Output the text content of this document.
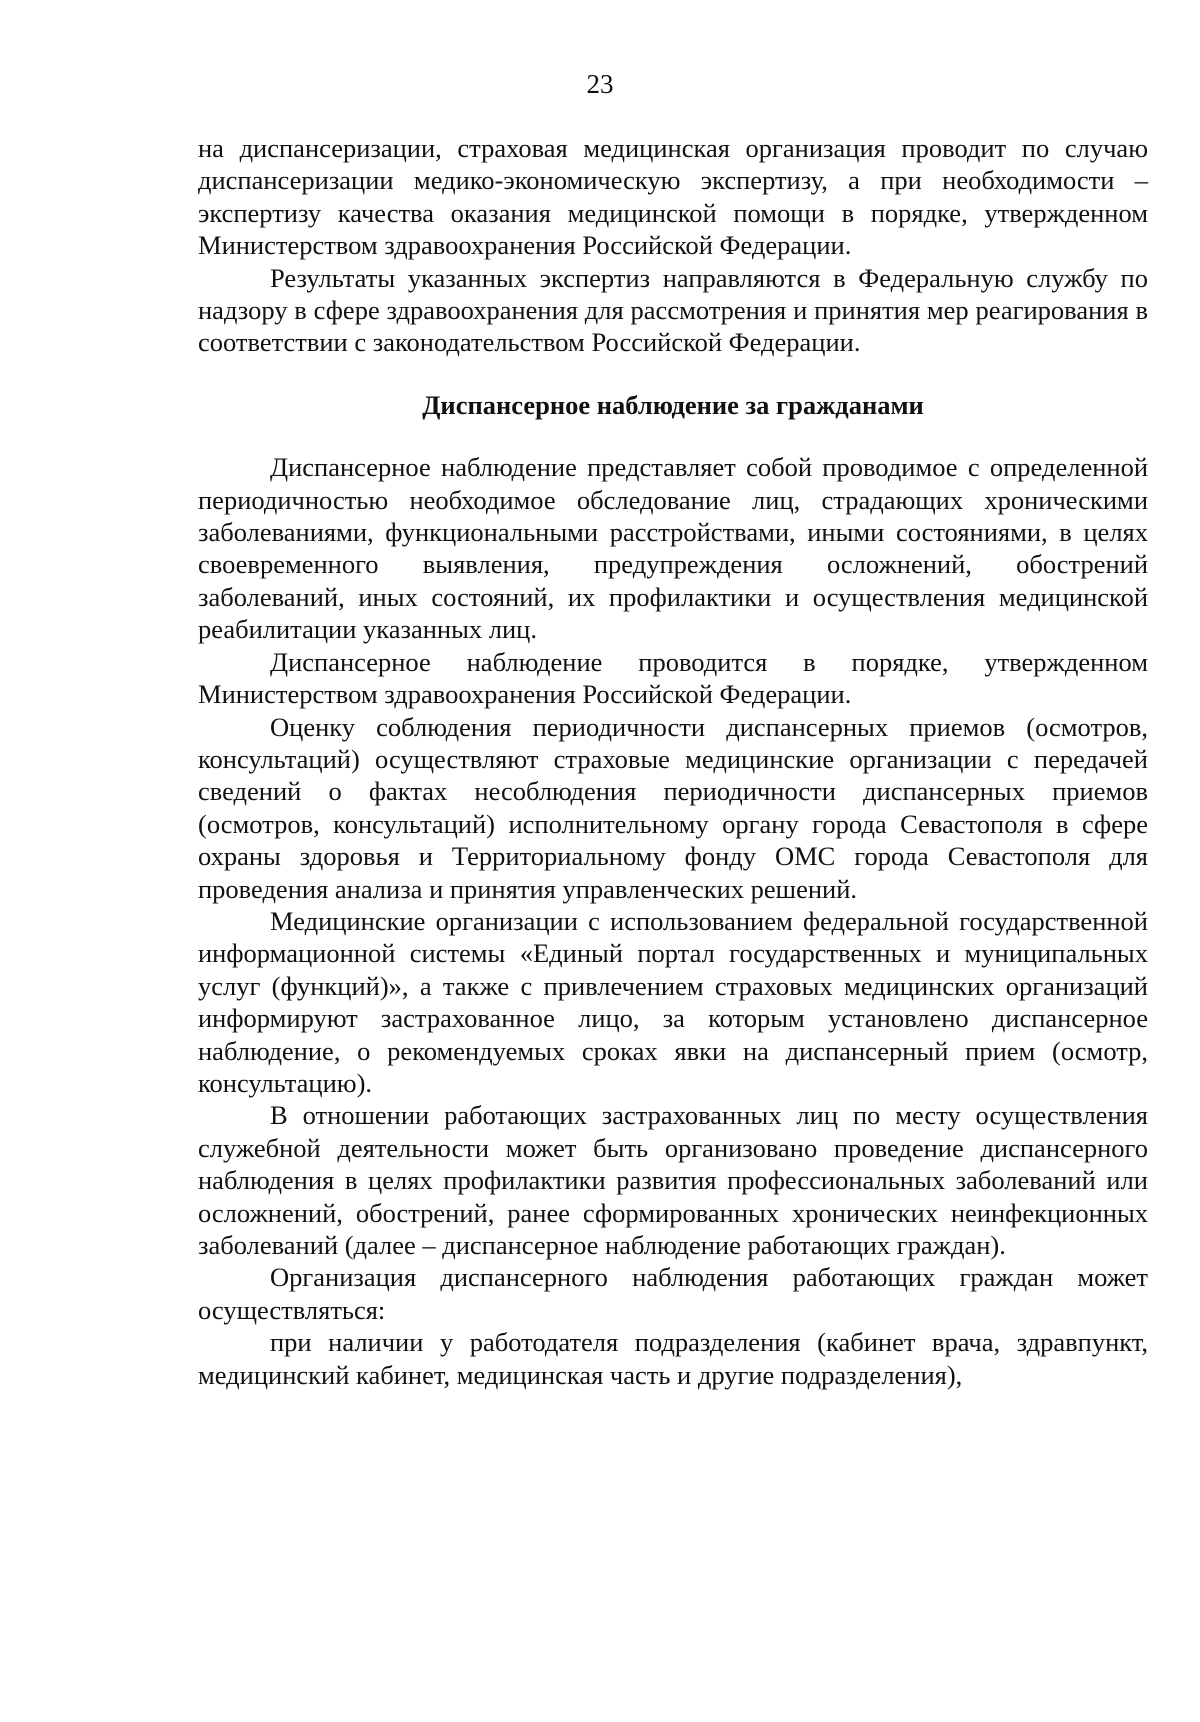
23

на диспансеризации, страховая медицинская организация проводит по случаю диспансеризации медико-экономическую экспертизу, а при необходимости – экспертизу качества оказания медицинской помощи в порядке, утвержденном Министерством здравоохранения Российской Федерации.

Результаты указанных экспертиз направляются в Федеральную службу по надзору в сфере здравоохранения для рассмотрения и принятия мер реагирования в соответствии с законодательством Российской Федерации.

Диспансерное наблюдение за гражданами

Диспансерное наблюдение представляет собой проводимое с определенной периодичностью необходимое обследование лиц, страдающих хроническими заболеваниями, функциональными расстройствами, иными состояниями, в целях своевременного выявления, предупреждения осложнений, обострений заболеваний, иных состояний, их профилактики и осуществления медицинской реабилитации указанных лиц.

Диспансерное наблюдение проводится в порядке, утвержденном Министерством здравоохранения Российской Федерации.

Оценку соблюдения периодичности диспансерных приемов (осмотров, консультаций) осуществляют страховые медицинские организации с передачей сведений о фактах несоблюдения периодичности диспансерных приемов (осмотров, консультаций) исполнительному органу города Севастополя в сфере охраны здоровья и Территориальному фонду ОМС города Севастополя для проведения анализа и принятия управленческих решений.

Медицинские организации с использованием федеральной государственной информационной системы «Единый портал государственных и муниципальных услуг (функций)», а также с привлечением страховых медицинских организаций информируют застрахованное лицо, за которым установлено диспансерное наблюдение, о рекомендуемых сроках явки на диспансерный прием (осмотр, консультацию).

В отношении работающих застрахованных лиц по месту осуществления служебной деятельности может быть организовано проведение диспансерного наблюдения в целях профилактики развития профессиональных заболеваний или осложнений, обострений, ранее сформированных хронических неинфекционных заболеваний (далее – диспансерное наблюдение работающих граждан).

Организация диспансерного наблюдения работающих граждан может осуществляться:

при наличии у работодателя подразделения (кабинет врача, здравпункт, медицинский кабинет, медицинская часть и другие подразделения),
